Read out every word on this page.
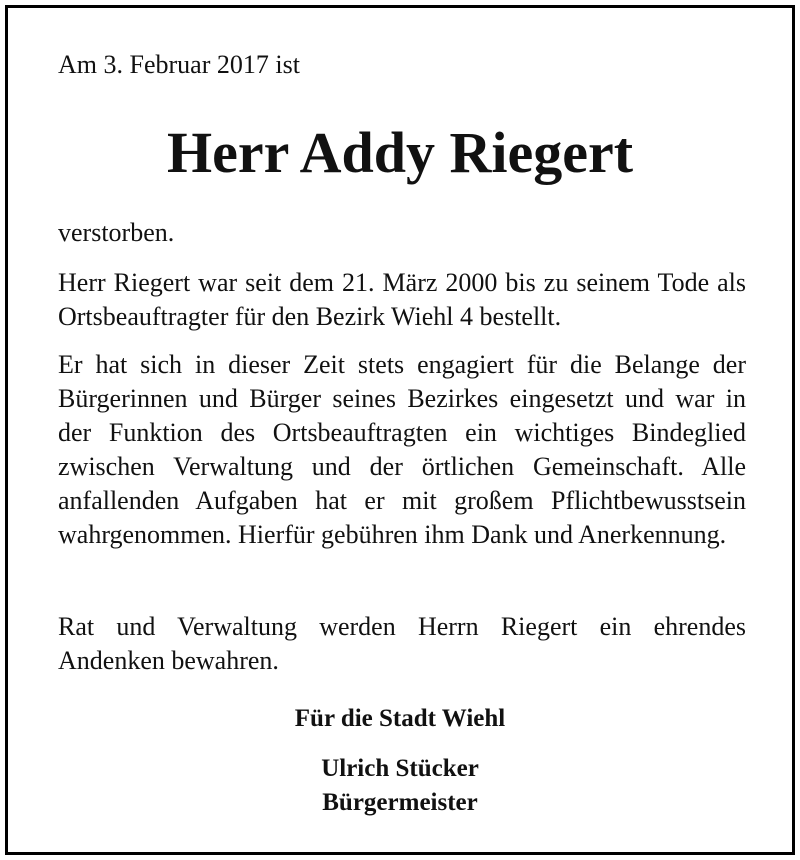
Am 3. Februar 2017 ist
Herr Addy Riegert

verstorben.

Herr Riegert war seit dem 21. März 2000 bis zu seinem Tode als Ortsbeauftragter für den Bezirk Wiehl 4 bestellt.

Er hat sich in dieser Zeit stets engagiert für die Belange der Bürgerinnen und Bürger seines Bezirkes eingesetzt und war in der Funktion des Ortsbeauftragten ein wichtiges Bindeglied zwischen Verwaltung und der örtlichen Gemeinschaft. Alle anfallenden Aufgaben hat er mit großem Pflichtbewusstsein wahrgenommen. Hierfür gebühren ihm Dank und Anerkennung.

Rat und Verwaltung werden Herrn Riegert ein ehrendes Andenken bewahren.

Für die Stadt Wiehl
Ulrich Stücker
Bürgermeister
